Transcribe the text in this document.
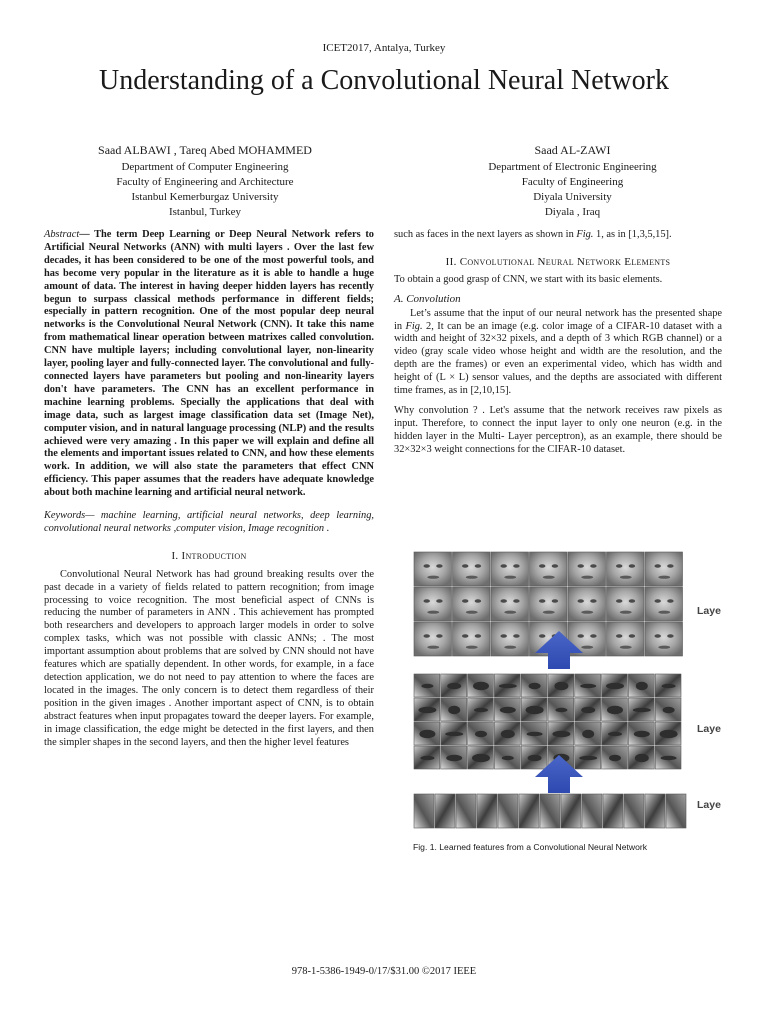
ICET2017, Antalya, Turkey
Understanding of a Convolutional Neural Network
Saad ALBAWI , Tareq Abed MOHAMMED
Department of Computer Engineering
Faculty of Engineering and Architecture
Istanbul Kemerburgaz University
Istanbul, Turkey
Saad AL-ZAWI
Department of Electronic Engineering
Faculty of Engineering
Diyala University
Diyala , Iraq

Abstract— The term Deep Learning or Deep Neural Network refers to Artificial Neural Networks (ANN) with multi layers . Over the last few decades, it has been considered to be one of the most powerful tools, and has become very popular in the literature as it is able to handle a huge amount of data. The interest in having deeper hidden layers has recently begun to surpass classical methods performance in different fields; especially in pattern recognition. One of the most popular deep neural networks is the Convolutional Neural Network (CNN). It take this name from mathematical linear operation between matrixes called convolution. CNN have multiple layers; including convolutional layer, non-linearity layer, pooling layer and fully-connected layer. The convolutional and fully- connected layers have parameters but pooling and non-linearity layers don't have parameters. The CNN has an excellent performance in machine learning problems. Specially the applications that deal with image data, such as largest image classification data set (Image Net), computer vision, and in natural language processing (NLP) and the results achieved were very amazing . In this paper we will explain and define all the elements and important issues related to CNN, and how these elements work. In addition, we will also state the parameters that effect CNN efficiency. This paper assumes that the readers have adequate knowledge about both machine learning and artificial neural network.

Keywords— machine learning, artificial neural networks, deep learning, convolutional neural networks ,computer vision, Image recognition .

I. Introduction

Convolutional Neural Network has had ground breaking results over the past decade in a variety of fields related to pattern recognition; from image processing to voice recognition. The most beneficial aspect of CNNs is reducing the number of parameters in ANN . This achievement has prompted both researchers and developers to approach larger models in order to solve complex tasks, which was not possible with classic ANNs; . The most important assumption about problems that are solved by CNN should not have features which are spatially dependent. In other words, for example, in a face detection application, we do not need to pay attention to where the faces are located in the images. The only concern is to detect them regardless of their position in the given images . Another important aspect of CNN, is to obtain abstract features when input propagates toward the deeper layers. For example, in image classification, the edge might be detected in the first layers, and then the simpler shapes in the second layers, and then the higher level features

such as faces in the next layers as shown in Fig. 1, as in [1,3,5,15].

II. Convolutional Neural Network Elements

To obtain a good grasp of CNN, we start with its basic elements.

A. Convolution

Let’s assume that the input of our neural network has the presented shape in Fig. 2, It can be an image (e.g. color image of a CIFAR-10 dataset with a width and height of 32×32 pixels, and a depth of 3 which RGB channel) or a video (gray scale video whose height and width are the resolution, and the depth are the frames) or even an experimental video, which has width and height of (L × L) sensor values, and the depths are associated with different time frames, as in [2,10,15].

Why convolution ? . Let's assume that the network receives raw pixels as input. Therefore, to connect the input layer to only one neuron (e.g. in the hidden layer in the Multi- Layer perceptron), as an example, there should be 32×32×3 weight connections for the CIFAR-10 dataset.

Laye
Laye
Laye
Fig. 1. Learned features from a Convolutional Neural Network
978-1-5386-1949-0/17/$31.00 ©2017 IEEE
